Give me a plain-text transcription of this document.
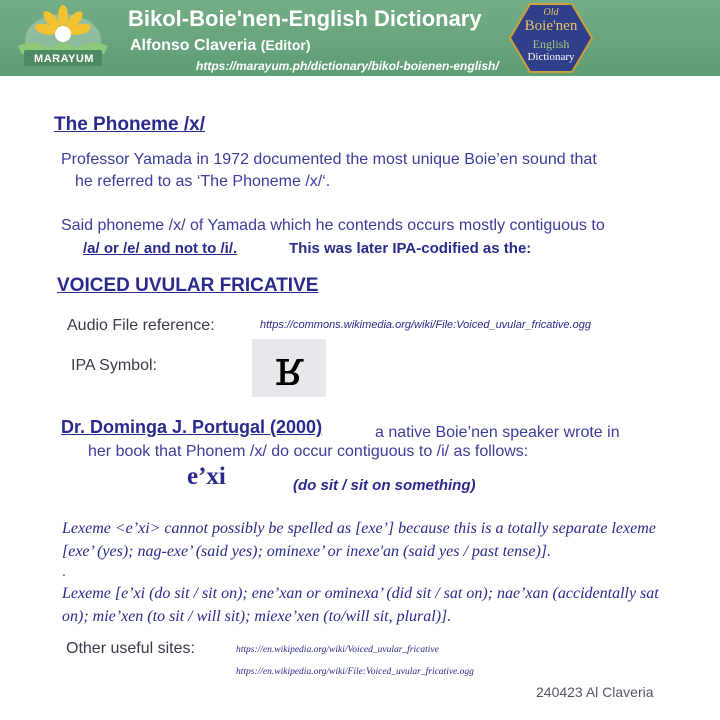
MARAYUM
Bikol-Boie'nen-English Dictionary
Alfonso Claveria (Editor)
https://marayum.ph/dictionary/bikol-boienen-english/
Old
Boie'nen
English
Dictionary
The Phoneme /x/
Professor Yamada in 1972 documented the most unique Boie’en sound that
he referred to as ‘The Phoneme /x/‘.
Said phoneme /x/ of Yamada which he contends occurs mostly contiguous to
/a/ or /e/ and not to /i/.	This was later IPA-codified as the:
VOICED UVULAR FRICATIVE
Audio File reference:	https://commons.wikimedia.org/wiki/File:Voiced_uvular_fricative.ogg
IPA Symbol:	ʁ
Dr. Dominga J. Portugal (2000)	a native Boie’nen speaker wrote in
her book that Phonem /x/ do occur contiguous to /i/ as follows:
e’xi	(do sit / sit on something)
Lexeme <e’xi> cannot possibly be spelled as [exe’] because this is a totally separate lexeme [exe’ (yes); nag-exe’ (said yes); ominexe’ or inexe'an (said yes / past tense)].
.
Lexeme [e’xi (do sit / sit on); ene’xan or ominexa’ (did sit / sat on); nae’xan (accidentally sat on); mie’xen (to sit / will sit); miexe’xen (to/will sit, plural)].
Other useful sites:	https://en.wikipedia.org/wiki/Voiced_uvular_fricative
https://en.wikipedia.org/wiki/File:Voiced_uvular_fricative.ogg
240423 Al Claveria
